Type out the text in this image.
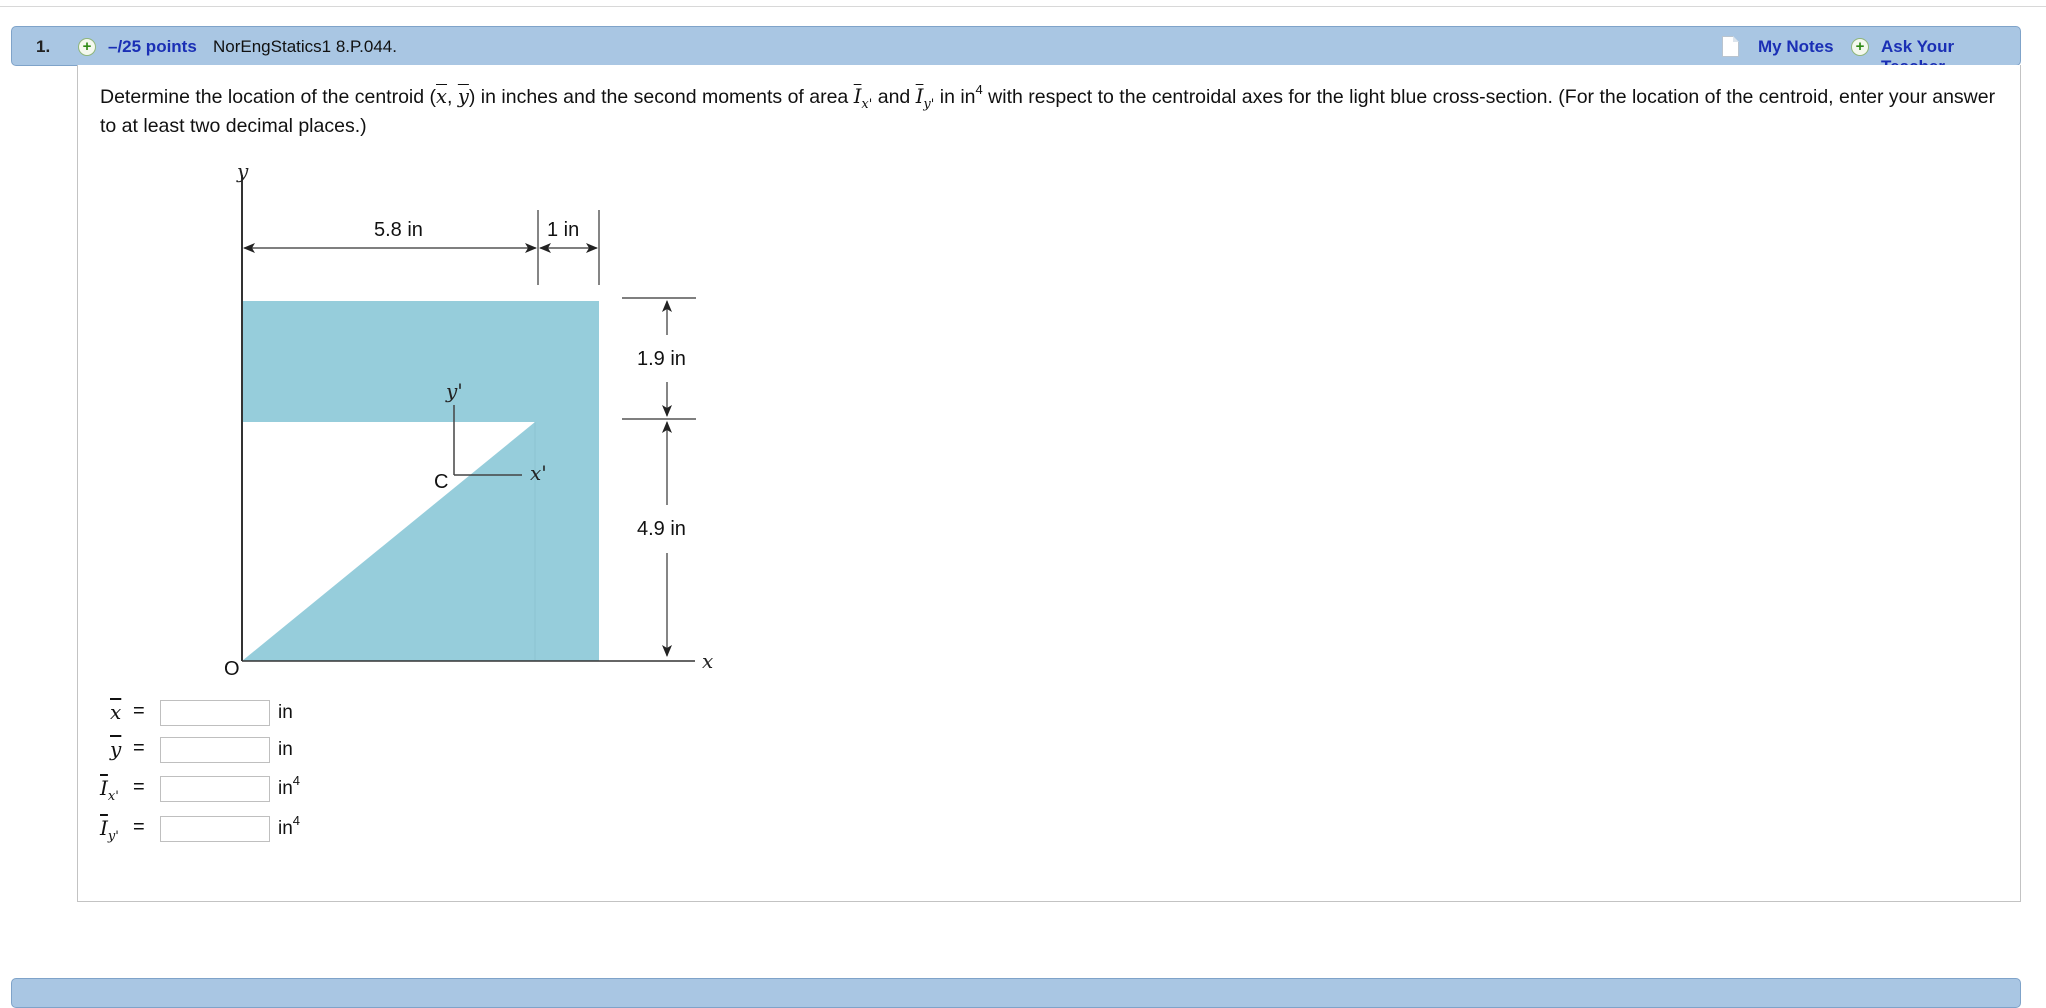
1.	+ –/25 points NorEngStatics1 8.P.044.	My Notes	+ Ask Your
Determine the location of the centroid ($\overline{x}$, $\overline{y}$) in inches and the second moments of area $\overline{I}_{x'}$ and $\overline{I}_{y'}$ in $in^4$ with respect to the centroidal axes for the light blue cross-section. (For the location of the centroid, enter your answer to at least two decimal places.)
y
x
O
y'
x'
C
5.8 in	1 in
1.9 in
4.9 in
$\overline{x}$ =	in
$\overline{y}$ =	in
$\overline{I}_{x'}$ =	$in^4$
$\overline{I}_{y'}$ =	$in^4$
